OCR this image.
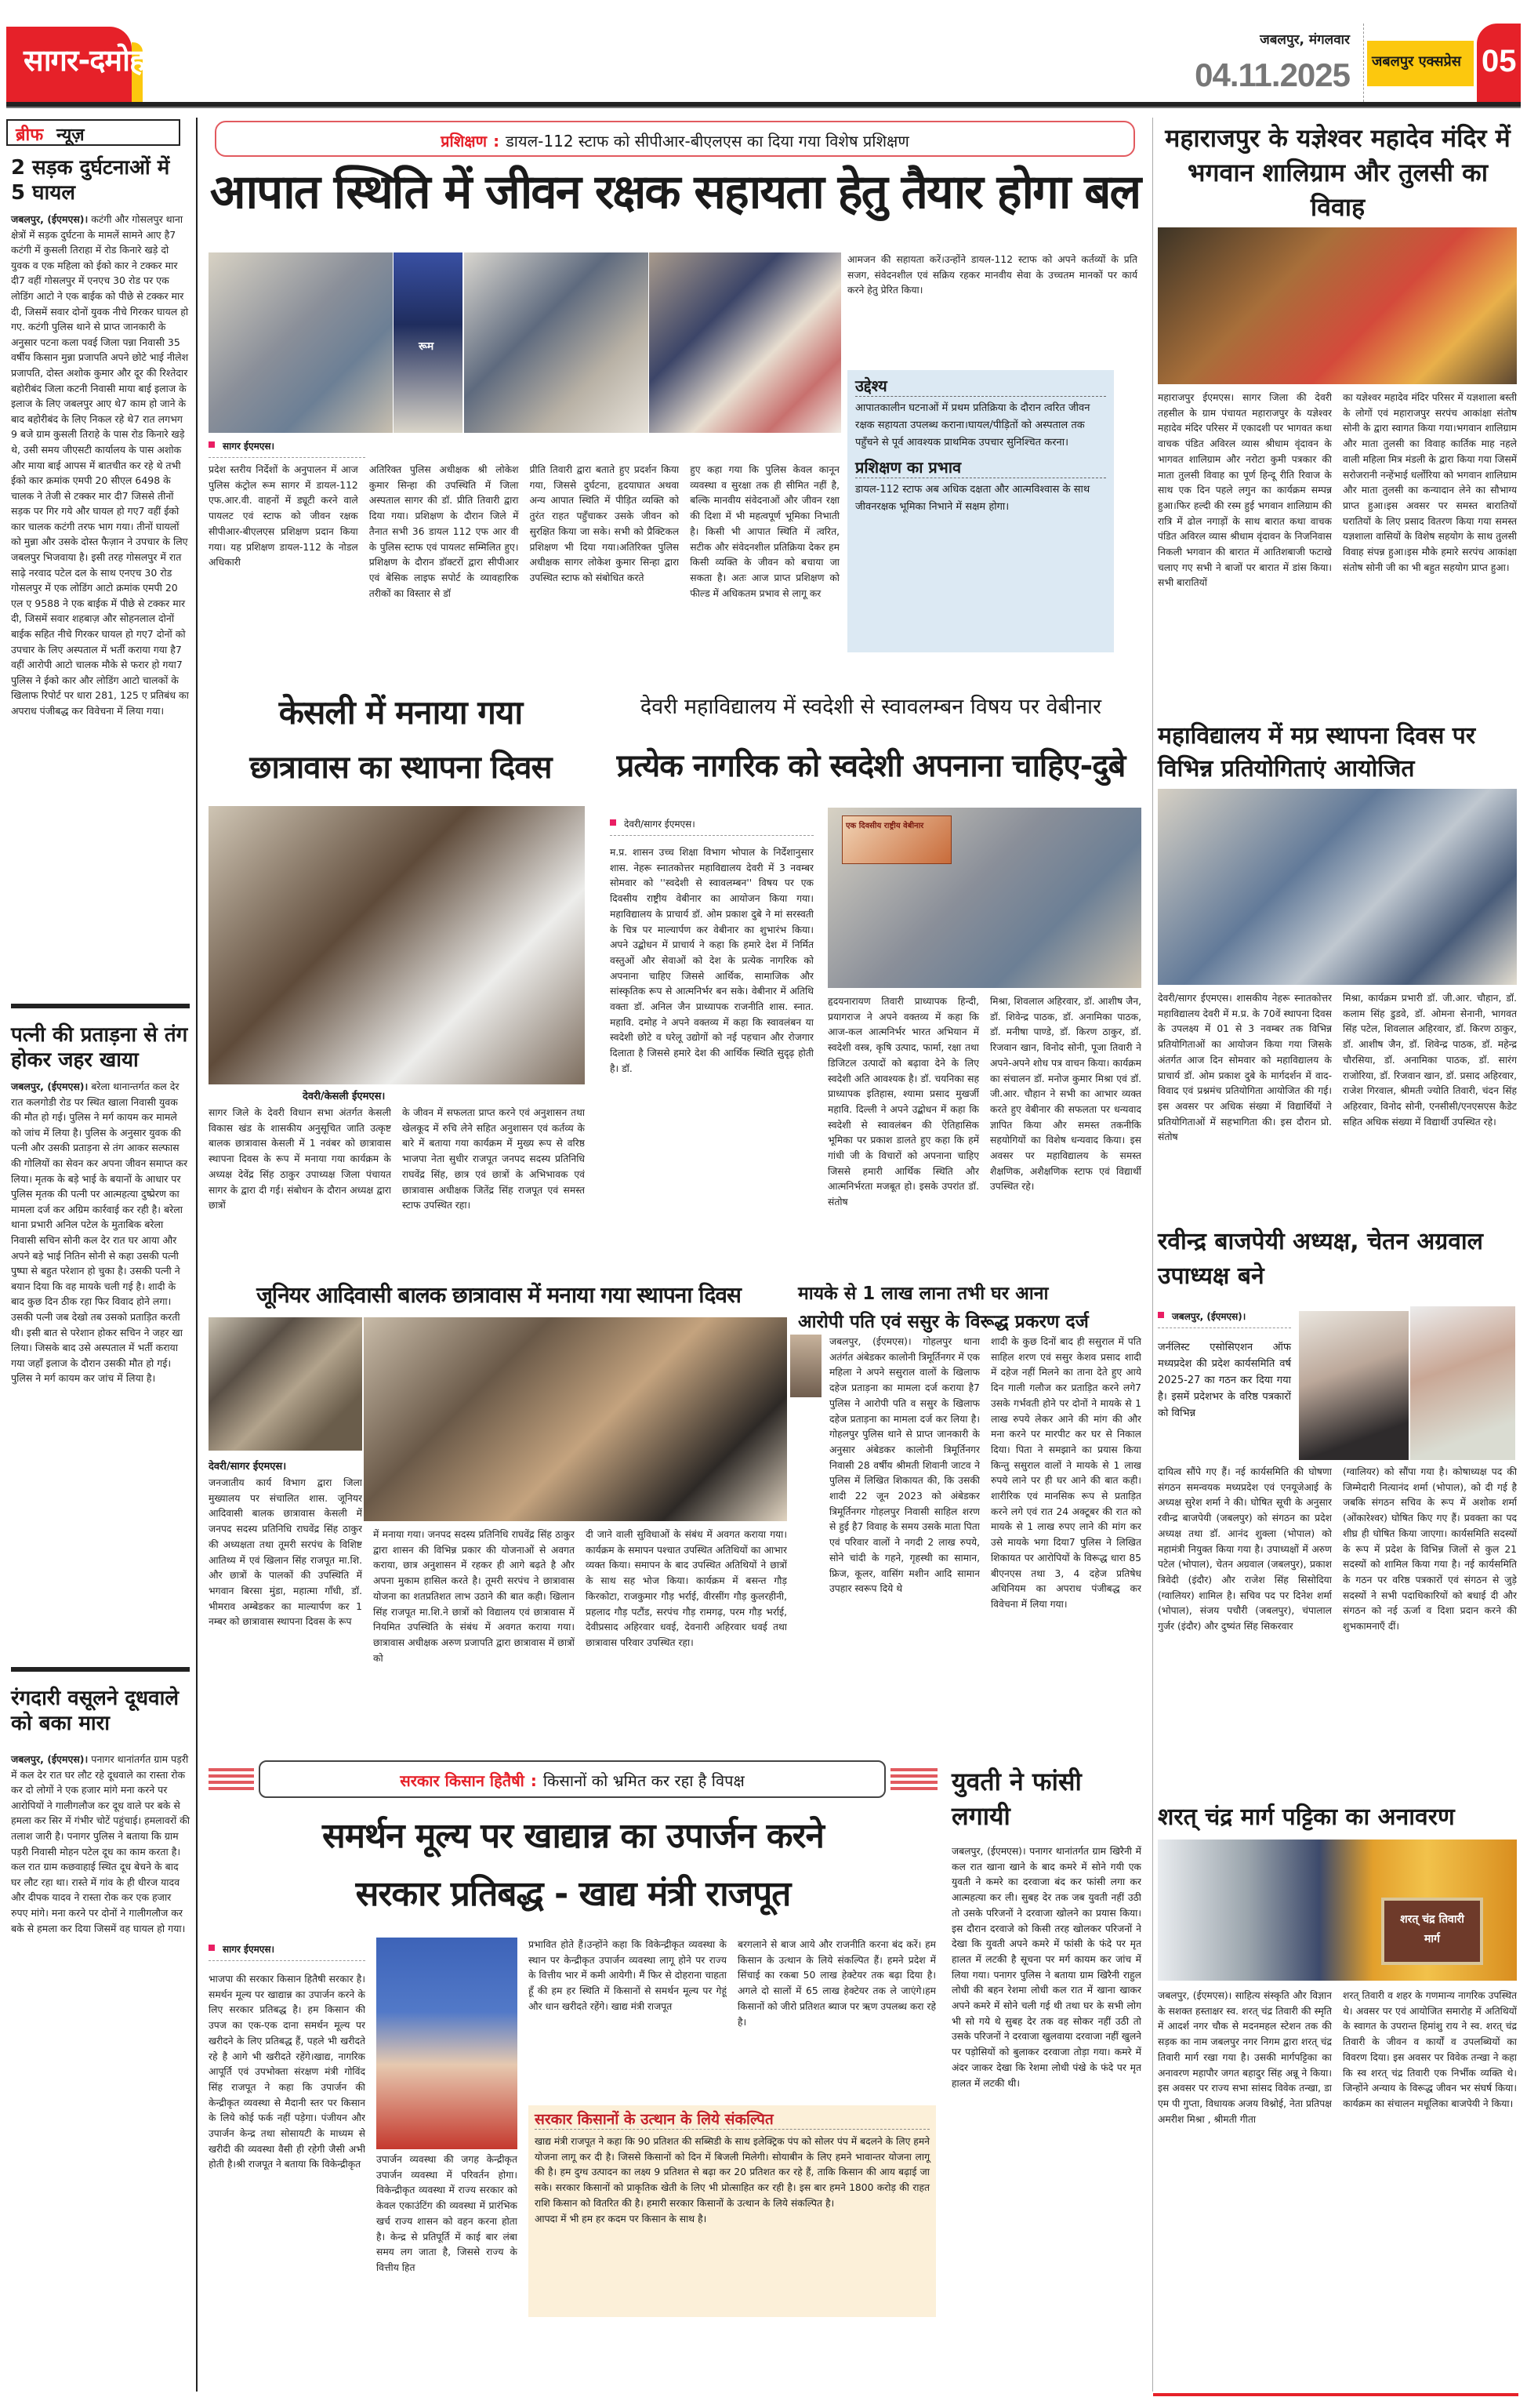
सागर-दमोह-पन्ना
जबलपुर, मंगलवार
04.11.2025 जबलपुर एक्सप्रेस 05
ब्रीफ न्यूज़
2 सड़क दुर्घटनाओं में 5 घायल

जबलपुर, (ईएमएस)। कटंगी और गोसलपुर थाना क्षेत्रों में सड़क दुर्घटना के मामलें सामने आए है7 कटंगी में कुसली तिराहा में रोड किनारे खड़े दो युवक व एक महिला को ईको कार ने टक्कर मार दी7 वहीं गोसलपुर में एनएच 30 रोड पर एक लोडिंग आटो ने एक बाईक को पीछे से टक्कर मार दी, जिसमें सवार दोनों युवक नीचे गिरकर घायल हो गए. कटंगी पुलिस थाने से प्राप्त जानकारी के अनुसार पटना कला पवई जिला पन्ना निवासी 35 वर्षीय किसान मुन्ना प्रजापति अपने छोटे भाई नीलेश प्रजापति, दोस्त अशोक कुमार और दूर की रिश्तेदार बहोरीबंद जिला कटनी निवासी माया बाई इलाज के इलाज के लिए जबलपुर आए थे7 काम हो जाने के बाद बहोरीबंद के लिए निकल रहे थे7 रात लगभग 9 बजे ग्राम कुसली तिराहे के पास रोड किनारे खड़े थे, उसी समय जीएसटी कार्यालय के पास अशोक और माया बाई आपस में बातचीत कर रहे थे तभी ईको कार क्रमांक एमपी 20 सीएल 6498 के चालक ने तेजी से टक्कर मार दी7 जिससे तीनों सड़क पर गिर गये और घायल हो गए7 वहीं ईको कार चालक कटंगी तरफ भाग गया। तीनों घायलों को मुन्ना और उसके दोस्त फैज़ान ने उपचार के लिए जबलपुर भिजवाया है। इसी तरह गोसलपुर में रात साढ़े नरवाद पटेल दल के साथ एनएच 30 रोड गोसलपुर में एक लोडिंग आटो क्रमांक एमपी 20 एल ए 9588 ने एक बाईक में पीछे से टक्कर मार दी, जिसमें सवार शहबाज़ और सोहनलाल दोनों बाईक सहित नीचे गिरकर घायल हो गए7 दोनों को उपचार के लिए अस्पताल में भर्ती कराया गया है7 वहीं आरोपी आटो चालक मौके से फरार हो गया7 पुलिस ने ईको कार और लोडिंग आटो चालकों के खिलाफ रिपोर्ट पर धारा 281, 125 ए प्रतिबंध का अपराध पंजीबद्ध कर विवेचना में लिया गया।

पत्नी की प्रताड़ना से तंग होकर जहर खाया

जबलपुर, (ईएमएस)। बरेला थानान्तर्गत कल देर रात कलगोडी रोड पर स्थित खाला निवासी युवक की मौत हो गई। पुलिस ने मर्ग कायम कर मामले को जांच में लिया है। पुलिस के अनुसार युवक की पत्नी और उसकी प्रताड़ना से तंग आकर सल्फास की गोलियों का सेवन कर अपना जीवन समाप्त कर लिया। मृतक के बड़े भाई के बयानों के आधार पर पुलिस मृतक की पत्नी पर आत्महत्या दुष्प्रेरण का मामला दर्ज कर अग्रिम कार्रवाई कर रही है। बरेला थाना प्रभारी अनिल पटेल के मुताबिक बरेला निवासी सचिन सोनी कल देर रात घर आया और अपने बड़े भाई नितिन सोनी से कहा उसकी पत्नी पुष्पा से बहुत परेशान हो चुका है। उसकी पत्नी ने बयान दिया कि वह मायके चली गई है। शादी के बाद कुछ दिन ठीक रहा फिर विवाद होने लगा। उसकी पत्नी जब देखो तब उसको प्रताड़ित करती थी। इसी बात से परेशान होकर सचिन ने जहर खा लिया। जिसके बाद उसे अस्पताल में भर्ती कराया गया जहाँ इलाज के दौरान उसकी मौत हो गई। पुलिस ने मर्ग कायम कर जांच में लिया है।

रंगदारी वसूलने दूधवाले को बका मारा

जबलपुर, (ईएमएस)। पनागर थानांतर्गत ग्राम पड़री में कल देर रात घर लौट रहे दूधवाले का रास्ता रोक कर दो लोगों ने एक हजार मांगे मना करने पर आरोपियों ने गालीगलौज कर दूध वाले पर बके से हमला कर सिर में गंभीर चोटें पहुंचाई। हमलावरों की तलाश जारी है। पनागर पुलिस ने बताया कि ग्राम पड़री निवासी मोहन पटेल दूध का काम करता है। कल रात ग्राम कछवाहाई स्थित दूध बेचने के बाद घर लौट रहा था। रास्ते में गांव के ही धीरज यादव और दीपक यादव ने रास्ता रोक कर एक हजार रुपए मांगे। मना करने पर दोनों ने गालीगलौज कर बके से हमला कर दिया जिसमें वह घायल हो गया।

प्रशिक्षण : डायल-112 स्टाफ को सीपीआर-बीएलएस का दिया गया विशेष प्रशिक्षण
आपात स्थिति में जीवन रक्षक सहायता हेतु तैयार होगा बल
रूम
सागर ईएमएस।
प्रदेश स्तरीय निर्देशों के अनुपालन में आज पुलिस कंट्रोल रूम सागर में डायल-112 एफ.आर.वी. वाहनों में ड्यूटी करने वाले पायलट एवं स्टाफ को जीवन रक्षक सीपीआर-बीएलएस प्रशिक्षण प्रदान किया गया। यह प्रशिक्षण डायल-112 के नोडल अधिकारी
अतिरिक्त पुलिस अधीक्षक श्री लोकेश कुमार सिन्हा की उपस्थिति में जिला अस्पताल सागर की डॉ. प्रीति तिवारी द्वारा दिया गया। प्रशिक्षण के दौरान जिले में तैनात सभी 36 डायल 112 एफ आर वी के पुलिस स्टाफ एवं पायलट सम्मिलित हुए।प्रशिक्षण के दौरान डॉक्टरों द्वारा सीपीआर एवं बेसिक लाइफ सपोर्ट के व्यावहारिक तरीकों का विस्तार से डॉ
प्रीति तिवारी द्वारा बताते हुए प्रदर्शन किया गया, जिससे दुर्घटना, हृदयाघात अथवा अन्य आपात स्थिति में पीड़ित व्यक्ति को तुरंत राहत पहुँचाकर उसके जीवन को सुरक्षित किया जा सके। सभी को प्रैक्टिकल प्रशिक्षण भी दिया गया।अतिरिक्त पुलिस अधीक्षक सागर लोकेश कुमार सिन्हा द्वारा उपस्थित स्टाफ को संबोधित करते
हुए कहा गया कि पुलिस केवल कानून व्यवस्था व सुरक्षा तक ही सीमित नहीं है, बल्कि मानवीय संवेदनाओं और जीवन रक्षा की दिशा में भी महत्वपूर्ण भूमिका निभाती है। किसी भी आपात स्थिति में त्वरित, सटीक और संवेदनशील प्रतिक्रिया देकर हम किसी व्यक्ति के जीवन को बचाया जा सकता है। अतः आज प्राप्त प्रशिक्षण को फील्ड में अधिकतम प्रभाव से लागू कर
आमजन की सहायता करें।उन्होंने डायल-112 स्टाफ को अपने कर्तव्यों के प्रति सजग, संवेदनशील एवं सक्रिय रहकर मानवीय सेवा के उच्चतम मानकों पर कार्य करने हेतु प्रेरित किया।
उद्देश्य

आपातकालीन घटनाओं में प्रथम प्रतिक्रिया के दौरान त्वरित जीवन रक्षक सहायता उपलब्ध कराना।घायल/पीड़ितों को अस्पताल तक पहुँचने से पूर्व आवश्यक प्राथमिक उपचार सुनिश्चित करना।

प्रशिक्षण का प्रभाव

डायल-112 स्टाफ अब अधिक दक्षता और आत्मविश्वास के साथ जीवनरक्षक भूमिका निभाने में सक्षम होगा।

केसली में मनाया गया
छात्रावास का स्थापना दिवस
देवरी/केसली ईएमएस।
सागर जिले के देवरी विधान सभा अंतर्गत केसली विकास खंड के शासकीय अनुसूचित जाति उत्कृष्ट बालक छात्रावास केसली में 1 नवंबर को छात्रावास स्थापना दिवस के रूप में मनाया गया कार्यक्रम के अध्यक्ष देवेंद्र सिंह ठाकुर उपाध्यक्ष जिला पंचायत सागर के द्वारा दी गई। संबोधन के दौरान अध्यक्ष द्वारा छात्रों
के जीवन में सफलता प्राप्त करने एवं अनुशासन तथा खेलकूद में रुचि लेने सहित अनुशासन एवं कर्तव्य के बारे में बताया गया कार्यक्रम में मुख्य रूप से वरिष्ठ भाजपा नेता सुधीर राजपूत जनपद सदस्य प्रतिनिधि राघवेंद्र सिंह, छात्र एवं छात्रों के अभिभावक एवं छात्रावास अधीक्षक जितेंद्र सिंह राजपूत एवं समस्त स्टाफ उपस्थित रहा।
देवरी महाविद्यालय में स्वदेशी से स्वावलम्बन विषय पर वेबीनार
प्रत्येक नागरिक को स्वदेशी अपनाना चाहिए-दुबे
देवरी/सागर ईएमएस।
म.प्र. शासन उच्च शिक्षा विभाग भोपाल के निर्देशानुसार शास. नेहरू स्नातकोत्तर महाविद्यालय देवरी में 3 नवम्बर सोमवार को ''स्वदेशी से स्वावलम्बन'' विषय पर एक दिवसीय राष्ट्रीय वेबीनार का आयोजन किया गया। महाविद्यालय के प्राचार्य डॉ. ओम प्रकाश दुबे ने मां सरस्वती के चित्र पर माल्यार्पण कर वेबीनार का शुभारंभ किया। अपने उद्बोधन में प्राचार्य ने कहा कि हमारे देश में निर्मित वस्तुओं और सेवाओं को देश के प्रत्येक नागरिक को अपनाना चाहिए जिससे आर्थिक, सामाजिक और सांस्कृतिक रूप से आत्मनिर्भर बन सके। वेबीनार में अतिथि वक्ता डॉ. अनिल जैन प्राध्यापक राजनीति शास. स्नात. महावि. दमोह ने अपने वक्तव्य में कहा कि स्वावलंबन या स्वदेशी छोटे व घरेलू उद्योगों को नई पहचान और रोजगार दिलाता है जिससे हमारे देश की आर्थिक स्थिति सुदृढ़ होती है। डॉ.
एक दिवसीय राष्ट्रीय वेबीनार
हृदयनारायण तिवारी प्राध्यापक हिन्दी, प्रयागराज ने अपने वक्तव्य में कहा कि आज-कल आत्मनिर्भर भारत अभियान में स्वदेशी वस्त्र, कृषि उत्पाद, फार्मा, रक्षा तथा डिजिटल उत्पादों को बढ़ावा देने के लिए स्वदेशी अति आवश्यक है। डॉ. चयनिका सह प्राध्यापक इतिहास, श्यामा प्रसाद मुखर्जी महावि. दिल्ली ने अपने उद्बोधन में कहा कि स्वदेशी से स्वावलंबन की ऐतिहासिक भूमिका पर प्रकाश डालते हुए कहा कि हमें गांधी जी के विचारों को अपनाना चाहिए जिससे हमारी आर्थिक स्थिति और आत्मनिर्भरता मजबूत हो। इसके उपरांत डॉ. संतोष
मिश्रा, शिवलाल अहिरवार, डॉ. आशीष जैन, डॉ. शिवेन्द्र पाठक, डॉ. अनामिका पाठक, डॉ. मनीषा पाण्डे, डॉ. किरण ठाकुर, डॉ. रिजवान खान, विनोद सोनी, पूजा तिवारी ने अपने-अपने शोध पत्र वाचन किया। कार्यक्रम का संचालन डॉ. मनोज कुमार मिश्रा एवं डॉ. जी.आर. चौहान ने सभी का आभार व्यक्त करते हुए वेबीनार की सफलता पर धन्यवाद ज्ञापित किया और समस्त तकनीकि सहयोगियों का विशेष धन्यवाद किया। इस अवसर पर महाविद्यालय के समस्त शैक्षणिक, अशैक्षणिक स्टाफ एवं विद्यार्थी उपस्थित रहे।
जूनियर आदिवासी बालक छात्रावास में मनाया गया स्थापना दिवस
देवरी/सागर ईएमएस।
जनजातीय कार्य विभाग द्वारा जिला मुख्यालय पर संचालित शास. जूनियर आदिवासी बालक छात्रावास केसली में जनपद सदस्य प्रतिनिधि राघवेंद्र सिंह ठाकुर की अध्यक्षता तथा तूमरी सरपंच के विशिष्ट आतिथ्य में एवं खिलान सिंह राजपूत मा.शि. और छात्रों के पालकों की उपस्थिति में भगवान बिरसा मुंडा, महात्मा गाँधी, डॉ. भीमराव अम्बेडकर का माल्यार्पण कर 1 नम्बर को छात्रावास स्थापना दिवस के रूप
में मनाया गया। जनपद सदस्य प्रतिनिधि राघवेंद्र सिंह ठाकुर द्वारा शासन की विभिन्न प्रकार की योजनाओं से अवगत कराया, छात्र अनुशासन में रहकर ही आगे बढ़ते है और अपना मुकाम हासिल करते है। तूमरी सरपंच ने छात्रावास योजना का शतप्रतिशत लाभ उठाने की बात कही। खिलान सिंह राजपूत मा.शि.ने छात्रों को विद्यालय एवं छात्रावास में नियमित उपस्थिति के संबंध में अवगत कराया गया। छात्रावास अधीक्षक अरुण प्रजापति द्वारा छात्रावास में छात्रों को
दी जाने वाली सुविधाओं के संबंध में अवगत कराया गया। कार्यक्रम के समापन पश्चात उपस्थित अतिथियों का आभार व्यक्त किया। समापन के बाद उपस्थित अतिथियों ने छात्रों के साथ सह भोज किया। कार्यक्रम में बसन्त गौड़ किरकोटा, राजकुमार गौड़ भर्राई, वीरसींग गौड़ कुलरहीनी, प्रहलाद गौड़ पटौंड, सरपंच गौड़ रामगढ़, परम गौड़ भर्राई, देवीप्रसाद अहिरवार धवई, देवनारी अहिरवार धवई तथा छात्रावास परिवार उपस्थित रहा।
मायके से 1 लाख लाना तभी घर आना
आरोपी पति एवं ससुर के विरूद्ध प्रकरण दर्ज
जबलपुर, (ईएमएस)। गोहलपुर थाना अतंर्गत अंबेडकर कालोनी त्रिमूर्तिनगर में एक महिला ने अपने ससुराल वालों के खिलाफ दहेज प्रताड़ना का मामला दर्ज कराया है7 पुलिस ने आरोपी पति व ससुर के खिलाफ दहेज प्रताड़ना का मामला दर्ज कर लिया है। गोहलपुर पुलिस थाने से प्राप्त जानकारी के अनुसार अंबेडकर कालोनी त्रिमूर्तिनगर निवासी 28 वर्षीय श्रीमती शिवानी जाटव ने पुलिस में लिखित शिकायत की, कि उसकी शादी 22 जून 2023 को अंबेडकर त्रिमूर्तिनगर गोहलपुर निवासी साहिल शरण से हुई है7 विवाह के समय उसके माता पिता एवं परिवार वालों ने नगदी 2 लाख रुपये, सोने चांदी के गहने, गृहस्थी का सामान, फ्रिज, कूलर, वासिंग मशीन आदि सामान उपहार स्वरूप दिये थे
शादी के कुछ दिनों बाद ही ससुराल में पति साहिल शरण एवं ससुर केशव प्रसाद शादी में दहेज नहीं मिलने का ताना देते हुए आये दिन गाली गलौज कर प्रताड़ित करने लगे7 उसके गर्भवती होने पर दोनों ने मायके से 1 लाख रुपये लेकर आने की मांग की और मना करने पर मारपीट कर घर से निकाल दिया। पिता ने समझाने का प्रयास किया किन्तु ससुराल वालों ने मायके से 1 लाख रुपये लाने पर ही घर आने की बात कही। शारीरिक एवं मानसिक रूप से प्रताड़ित करने लगे एवं रात 24 अक्टूबर की रात को मायके से 1 लाख रुपए लाने की मांग कर उसे मायके भगा दिया7 पुलिस ने लिखित शिकायत पर आरोपियों के विरूद्ध धारा 85 बीएनएस तथा 3, 4 दहेज प्रतिषेध अधिनियम का अपराध पंजीबद्ध कर विवेचना में लिया गया।
सरकार किसान हितैषी : किसानों को भ्रमित कर रहा है विपक्ष
समर्थन मूल्य पर खाद्यान्न का उपार्जन करने
सरकार प्रतिबद्ध - खाद्य मंत्री राजपूत
सागर ईएमएस।
भाजपा की सरकार किसान हितैषी सरकार है। समर्थन मूल्य पर खाद्यान्न का उपार्जन करने के लिए सरकार प्रतिबद्ध है। हम किसान की उपज का एक-एक दाना समर्थन मूल्य पर खरीदने के लिए प्रतिबद्ध हैं, पहले भी खरीदते रहे है आगे भी खरीदते रहेंगे।खाद्य, नागरिक आपूर्ति एवं उपभोक्ता संरक्षण मंत्री गोविंद सिंह राजपूत ने कहा कि उपार्जन की केन्द्रीकृत व्यवस्था से मैदानी स्तर पर किसान के लिये कोई फर्क नहीं पड़ेगा। पंजीयन और उपार्जन केन्द्र तथा सोसायटी के माध्यम से खरीदी की व्यवस्था वैसी ही रहेगी जैसी अभी होती है।श्री राजपूत ने बताया कि विकेन्द्रीकृत	उपार्जन व्यवस्था की जगह केन्द्रीकृत उपार्जन व्यवस्था में परिवर्तन होगा। विकेन्द्रीकृत व्यवस्था में राज्य सरकार को केवल एकाउंटिंग की व्यवस्था में प्रारंभिक खर्च राज्य शासन को वहन करना होता है। केन्द्र से प्रतिपूर्ति में काई बार लंबा समय लग जाता है, जिससे राज्य के वित्तीय हित
प्रभावित होते हैं।उन्होंने कहा कि विकेन्द्रीकृत व्यवस्था के स्थान पर केन्द्रीकृत उपार्जन व्यवस्था लागू होने पर राज्य के वित्तीय भार में कमी आयेगी। मैं फिर से दोहराना चाहता हूँ की हम हर स्थिति में किसानों से समर्थन मूल्य पर गेहूं और धान खरीदते रहेंगे। खाद्य मंत्री राजपूत
बरगलाने से बाज आये और राजनीति करना बंद करें। हम किसान के उत्थान के लिये संकल्पित हैं। हमने प्रदेश में सिंचाई का रकबा 50 लाख हेक्टेयर तक बढ़ा दिया है। अगले दो सालों में 65 लाख हेक्टेयर तक ले जाएंगे।हम किसानों को जीरो प्रतिशत ब्याज पर ऋण उपलब्ध करा रहे है।
सरकार किसानों के उत्थान के लिये संकल्पित

खाद्य मंत्री राजपूत ने कहा कि 90 प्रतिशत की सब्सिडी के साथ इलेक्ट्रिक पंप को सोलर पंप में बदलने के लिए हमने योजना लागू कर दी है। जिससे किसानों को दिन में बिजली मिलेगी। सोयाबीन के लिए हमने भावान्तर योजना लागू की है। हम दुग्ध उत्पादन का लक्ष्य 9 प्रतिशत से बढ़ा कर 20 प्रतिशत कर रहे हैं, ताकि किसान की आय बढ़ाई जा सके। सरकार किसानों को प्राकृतिक खेती के लिए भी प्रोत्साहित कर रही है। इस बार हमने 1800 करोड़ की राहत राशि किसान को वितरित की है। हमारी सरकार किसानों के उत्थान के लिये संकल्पित है।

आपदा में भी हम हर कदम पर किसान के साथ है।

युवती ने फांसी लगायी

जबलपुर, (ईएमएस)। पनागर थानांतर्गत ग्राम खिरैनी में कल रात खाना खाने के बाद कमरे में सोने गयी एक युवती ने कमरे का दरवाजा बंद कर फांसी लगा कर आत्महत्या कर ली। सुबह देर तक जब युवती नहीं उठी तो उसके परिजनों ने दरवाजा खोलने का प्रयास किया। इस दौरान दरवाजे को किसी तरह खोलकर परिजनों ने देखा कि युवती अपने कमरे में फांसी के फंदे पर मृत हालत में लटकी है सूचना पर मर्ग कायम कर जांच में लिया गया। पनागर पुलिस ने बताया ग्राम खिरैनी राहुल लोधी की बहन रेशमा लोधी कल रात में खाना खाकर अपने कमरे में सोने चली गई थी तथा घर के सभी लोग भी सो गये थे सुबह देर तक वह सोकर नहीं उठी तो उसके परिजनों ने दरवाजा खुलवाया दरवाजा नहीं खुलने पर पड़ोसियों को बुलाकर दरवाजा तोड़ा गया। कमरे में अंदर जाकर देखा कि रेशमा लोधी पंखे के फंदे पर मृत हालत में लटकी थी।

महाराजपुर के यज्ञेश्वर महादेव मंदिर में भगवान शालिग्राम और तुलसी का विवाह
महाराजपुर ईएमएस। सागर जिला की देवरी तहसील के ग्राम पंचायत महाराजपुर के यज्ञेश्वर महादेव मंदिर परिसर में एकादशी पर भागवत कथा वाचक पंडित अविरल व्यास श्रीधाम वृंदावन के भागवत शालिग्राम और नरोटा कुमी पत्रकार की माता तुलसी विवाह का पूर्ण हिन्दू रीति रिवाज के साथ एक दिन पहले लगुन का कार्यक्रम सम्पन्न हुआ।फिर हल्दी की रस्म हुई भगवान शालिग्राम की रात्रि में ढोल नगाड़ों के साथ बारात कथा वाचक पंडित अविरल व्यास श्रीधाम वृंदावन के निजनिवास निकली भगवान की बारात में आतिशबाजी फटाखे चलाए गए सभी ने बाजों पर बारात में डांस किया। सभी बारातियों
का यज्ञेश्वर महादेव मंदिर परिसर में यज्ञशाला बस्ती के लोगों एवं महाराजपुर सरपंच आकांक्षा संतोष सोनी के द्वारा स्वागत किया गया।भगवान शालिग्राम और माता तुलसी का विवाह कार्तिक माह नहले वाली महिला मित्र मंडली के द्वारा किया गया जिसमें सरोजरानी नन्हेंभाई धर्लोरिया को भगवान शालिग्राम और माता तुलसी का कन्यादान लेने का सौभाग्य प्राप्त हुआ।इस अवसर पर समस्त बारातियों घरातियों के लिए प्रसाद वितरण किया गया समस्त यज्ञशाला वासियों के विशेष सहयोग के साथ तुलसी विवाह संपन्न हुआ।इस मौके हमारे सरपंच आकांक्षा संतोष सोनी जी का भी बहुत सहयोग प्राप्त हुआ।
महाविद्यालय में मप्र स्थापना दिवस पर विभिन्न प्रतियोगिताएं आयोजित
देवरी/सागर ईएमएस। शासकीय नेहरू स्नातकोत्तर महाविद्यालय देवरी में म.प्र. के 70वें स्थापना दिवस के उपलक्ष्य में 01 से 3 नवम्बर तक विभिन्न प्रतियोगिताओं का आयोजन किया गया जिसके अंतर्गत आज दिन सोमवार को महाविद्यालय के प्राचार्य डॉ. ओम प्रकाश दुबे के मार्गदर्शन में वाद-विवाद एवं प्रश्नमंच प्रतियोगिता आयोजित की गई। इस अवसर पर अधिक संख्या में विद्यार्थियों ने प्रतियोगिताओं में सहभागिता की। इस दौरान प्रो. संतोष
मिश्रा, कार्यक्रम प्रभारी डॉ. जी.आर. चौहान, डॉ. कलाम सिंह डुडवे, डॉ. ओमना सेनानी, भागवत सिंह पटेल, शिवलाल अहिरवार, डॉ. किरण ठाकुर, डॉ. आशीष जैन, डॉ. शिवेन्द्र पाठक, डॉ. महेन्द्र चौरसिया, डॉ. अनामिका पाठक, डॉ. सारंग राजोरिया, डॉ. रिजवान खान, डॉ. प्रसाद अहिरवार, राजेश गिरवाल, श्रीमती ज्योति तिवारी, चंदन सिंह अहिरवार, विनोद सोनी, एनसीसी/एनएसएस कैडेट सहित अधिक संख्या में विद्यार्थी उपस्थित रहे।
रवीन्द्र बाजपेयी अध्यक्ष, चेतन अग्रवाल उपाध्यक्ष बने
जबलपुर, (ईएमएस)।

जर्नलिस्ट एसोसिएशन ऑफ मध्यप्रदेश की प्रदेश कार्यसमिति वर्ष 2025-27 का गठन कर दिया गया है। इसमें प्रदेशभर के वरिष्ठ पत्रकारों को विभिन्न

दायित्व सौंपे गए हैं। नई कार्यसमिति की घोषणा संगठन समन्वयक मध्यप्रदेश एवं एनयूजेआई के अध्यक्ष सुरेश शर्मा ने की। घोषित सूची के अनुसार रवीन्द्र बाजपेयी (जबलपुर) को संगठन का प्रदेश अध्यक्ष तथा डॉ. आनंद शुक्ला (भोपाल) को महामंत्री नियुक्त किया गया है। उपाध्यक्षों में अरुण पटेल (भोपाल), चेतन अग्रवाल (जबलपुर), प्रकाश त्रिवेदी (इंदौर) और राजेश सिंह सिसोदिया (ग्वालियर) शामिल है। सचिव पद पर दिनेश शर्मा (भोपाल), संजय पचौरी (जबलपुर), चंपालाल गुर्जर (इंदौर) और दुष्यंत सिंह सिकरवार
(ग्वालियर) को सौंपा गया है। कोषाध्यक्ष पद की जिम्मेदारी नित्यानंद शर्मा (भोपाल), को दी गई है जबकि संगठन सचिव के रूप में अशोक शर्मा (ओंकारेश्वर) घोषित किए गए हैं। प्रवक्ता का पद शीघ्र ही घोषित किया जाएगा। कार्यसमिति सदस्यों के रूप में प्रदेश के विभिन्न जिलों से कुल 21 सदस्यों को शामिल किया गया है। नई कार्यसमिति के गठन पर वरिष्ठ पत्रकारों एवं संगठन से जुड़े सदस्यों ने सभी पदाधिकारियों को बधाई दी और संगठन को नई ऊर्जा व दिशा प्रदान करने की शुभकामनाएँ दीं।
शरत् चंद्र मार्ग पट्टिका का अनावरण
शरत् चंद्र तिवारी
मार्ग
जबलपुर, (ईएमएस)। साहित्य संस्कृति और विज्ञान के सशक्त हस्ताक्षर स्व. शरत् चंद्र तिवारी की स्मृति में आदर्श नगर चौक से मदनमहल स्टेशन तक की सड़क का नाम जबलपुर नगर निगम द्वारा शरत् चंद्र तिवारी मार्ग रखा गया है। उसकी मार्गपट्टिका का अनावरण महापौर जगत बहादुर सिंह अन्नू ने किया। इस अवसर पर राज्य सभा सांसद विवेक तन्खा, डा एम पी गुप्ता, विधायक अजय विश्नोई, नेता प्रतिपक्ष अमरीश मिश्रा , श्रीमती गीता
शरत् तिवारी व शहर के गणमान्य नागरिक उपस्थित थे। अवसर पर एवं आयोजित समारोह में अतिथियों के स्वागत के उपरान्त हिमांशु राय ने स्व. शरत् चंद्र तिवारी के जीवन व कार्यों व उपलब्धियों का विवरण दिया। इस अवसर पर विवेक तन्खा ने कहा कि स्व शरत् चंद्र तिवारी एक निर्भीक व्यक्ति थे। जिन्होंने अन्याय के विरूद्ध जीवन भर संघर्ष किया। कार्यक्रम का संचालन मधूलिका बाजपेयी ने किया।
